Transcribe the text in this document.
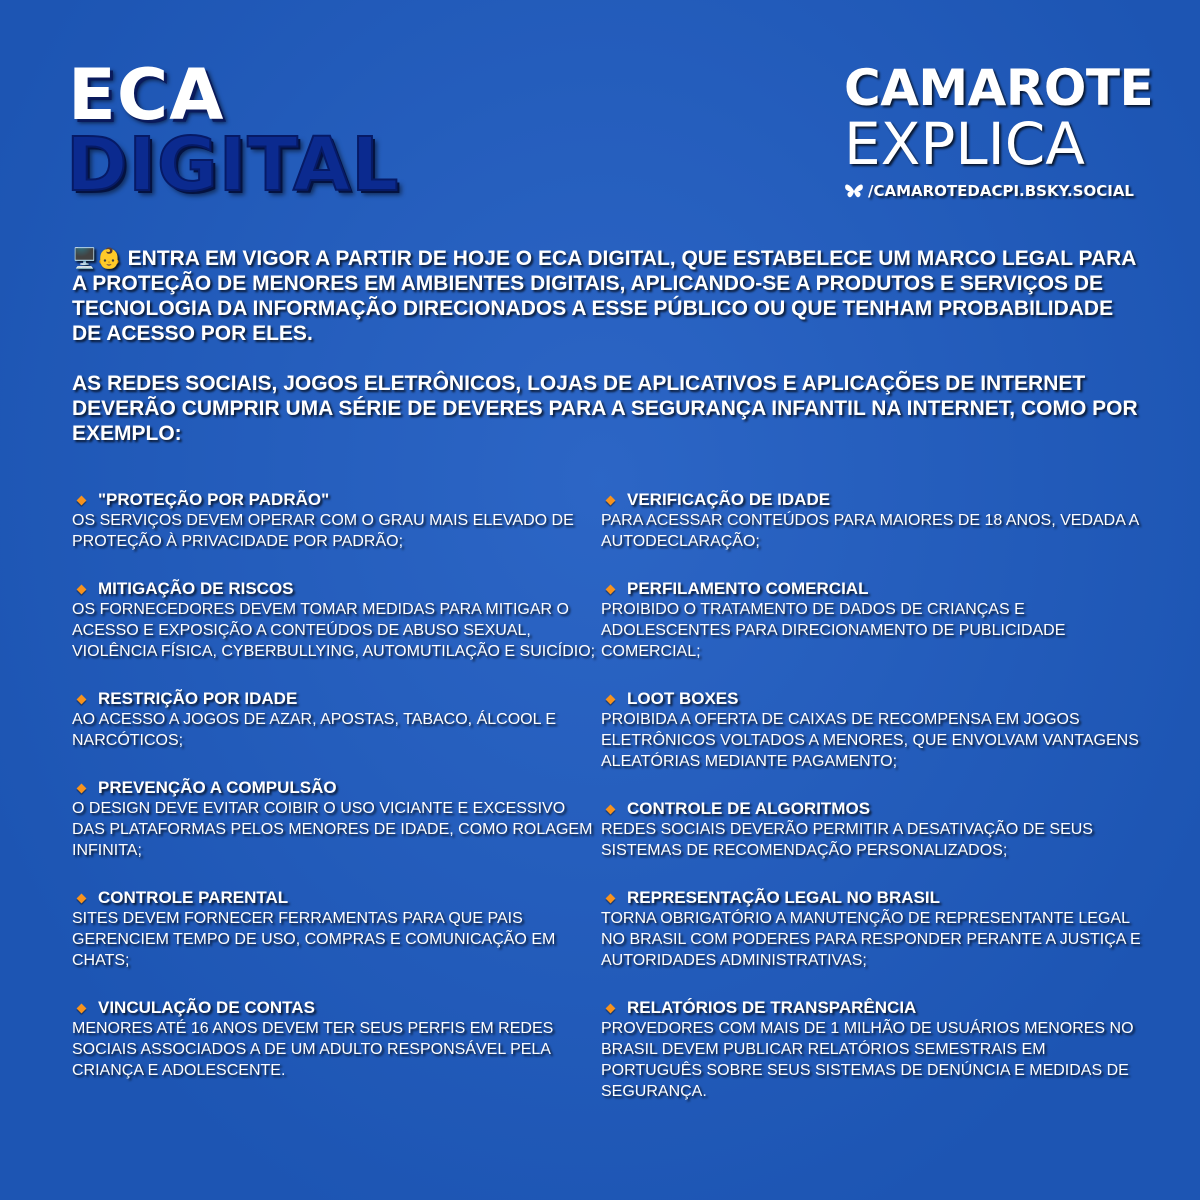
ECA
DIGITAL
CAMAROTE
EXPLICA
/CAMAROTEDACPI.BSKY.SOCIAL

🖥️👶 ENTRA EM VIGOR A PARTIR DE HOJE O ECA DIGITAL, QUE ESTABELECE UM MARCO LEGAL PARA A PROTEÇÃO DE MENORES EM AMBIENTES DIGITAIS, APLICANDO-SE A PRODUTOS E SERVIÇOS DE TECNOLOGIA DA INFORMAÇÃO DIRECIONADOS A ESSE PÚBLICO OU QUE TENHAM PROBABILIDADE DE ACESSO POR ELES.

AS REDES SOCIAIS, JOGOS ELETRÔNICOS, LOJAS DE APLICATIVOS E APLICAÇÕES DE INTERNET DEVERÃO CUMPRIR UMA SÉRIE DE DEVERES PARA A SEGURANÇA INFANTIL NA INTERNET, COMO POR EXEMPLO:

"PROTEÇÃO POR PADRÃO"
OS SERVIÇOS DEVEM OPERAR COM O GRAU MAIS ELEVADO DE PROTEÇÃO À PRIVACIDADE POR PADRÃO;
MITIGAÇÃO DE RISCOS
OS FORNECEDORES DEVEM TOMAR MEDIDAS PARA MITIGAR O ACESSO E EXPOSIÇÃO A CONTEÚDOS DE ABUSO SEXUAL, VIOLÊNCIA FÍSICA, CYBERBULLYING, AUTOMUTILAÇÃO E SUICÍDIO;
RESTRIÇÃO POR IDADE
AO ACESSO A JOGOS DE AZAR, APOSTAS, TABACO, ÁLCOOL E NARCÓTICOS;
PREVENÇÃO A COMPULSÃO
O DESIGN DEVE EVITAR COIBIR O USO VICIANTE E EXCESSIVO DAS PLATAFORMAS PELOS MENORES DE IDADE, COMO ROLAGEM INFINITA;
CONTROLE PARENTAL
SITES DEVEM FORNECER FERRAMENTAS PARA QUE PAIS GERENCIEM TEMPO DE USO, COMPRAS E COMUNICAÇÃO EM CHATS;
VINCULAÇÃO DE CONTAS
MENORES ATÉ 16 ANOS DEVEM TER SEUS PERFIS EM REDES SOCIAIS ASSOCIADOS A DE UM ADULTO RESPONSÁVEL PELA CRIANÇA E ADOLESCENTE.
VERIFICAÇÃO DE IDADE
PARA ACESSAR CONTEÚDOS PARA MAIORES DE 18 ANOS, VEDADA A AUTODECLARAÇÃO;
PERFILAMENTO COMERCIAL
PROIBIDO O TRATAMENTO DE DADOS DE CRIANÇAS E ADOLESCENTES PARA DIRECIONAMENTO DE PUBLICIDADE COMERCIAL;
LOOT BOXES
PROIBIDA A OFERTA DE CAIXAS DE RECOMPENSA EM JOGOS ELETRÔNICOS VOLTADOS A MENORES, QUE ENVOLVAM VANTAGENS ALEATÓRIAS MEDIANTE PAGAMENTO;
CONTROLE DE ALGORITMOS
REDES SOCIAIS DEVERÃO PERMITIR A DESATIVAÇÃO DE SEUS SISTEMAS DE RECOMENDAÇÃO PERSONALIZADOS;
REPRESENTAÇÃO LEGAL NO BRASIL
TORNA OBRIGATÓRIO A MANUTENÇÃO DE REPRESENTANTE LEGAL NO BRASIL COM PODERES PARA RESPONDER PERANTE A JUSTIÇA E AUTORIDADES ADMINISTRATIVAS;
RELATÓRIOS DE TRANSPARÊNCIA
PROVEDORES COM MAIS DE 1 MILHÃO DE USUÁRIOS MENORES NO BRASIL DEVEM PUBLICAR RELATÓRIOS SEMESTRAIS EM PORTUGUÊS SOBRE SEUS SISTEMAS DE DENÚNCIA E MEDIDAS DE SEGURANÇA.
